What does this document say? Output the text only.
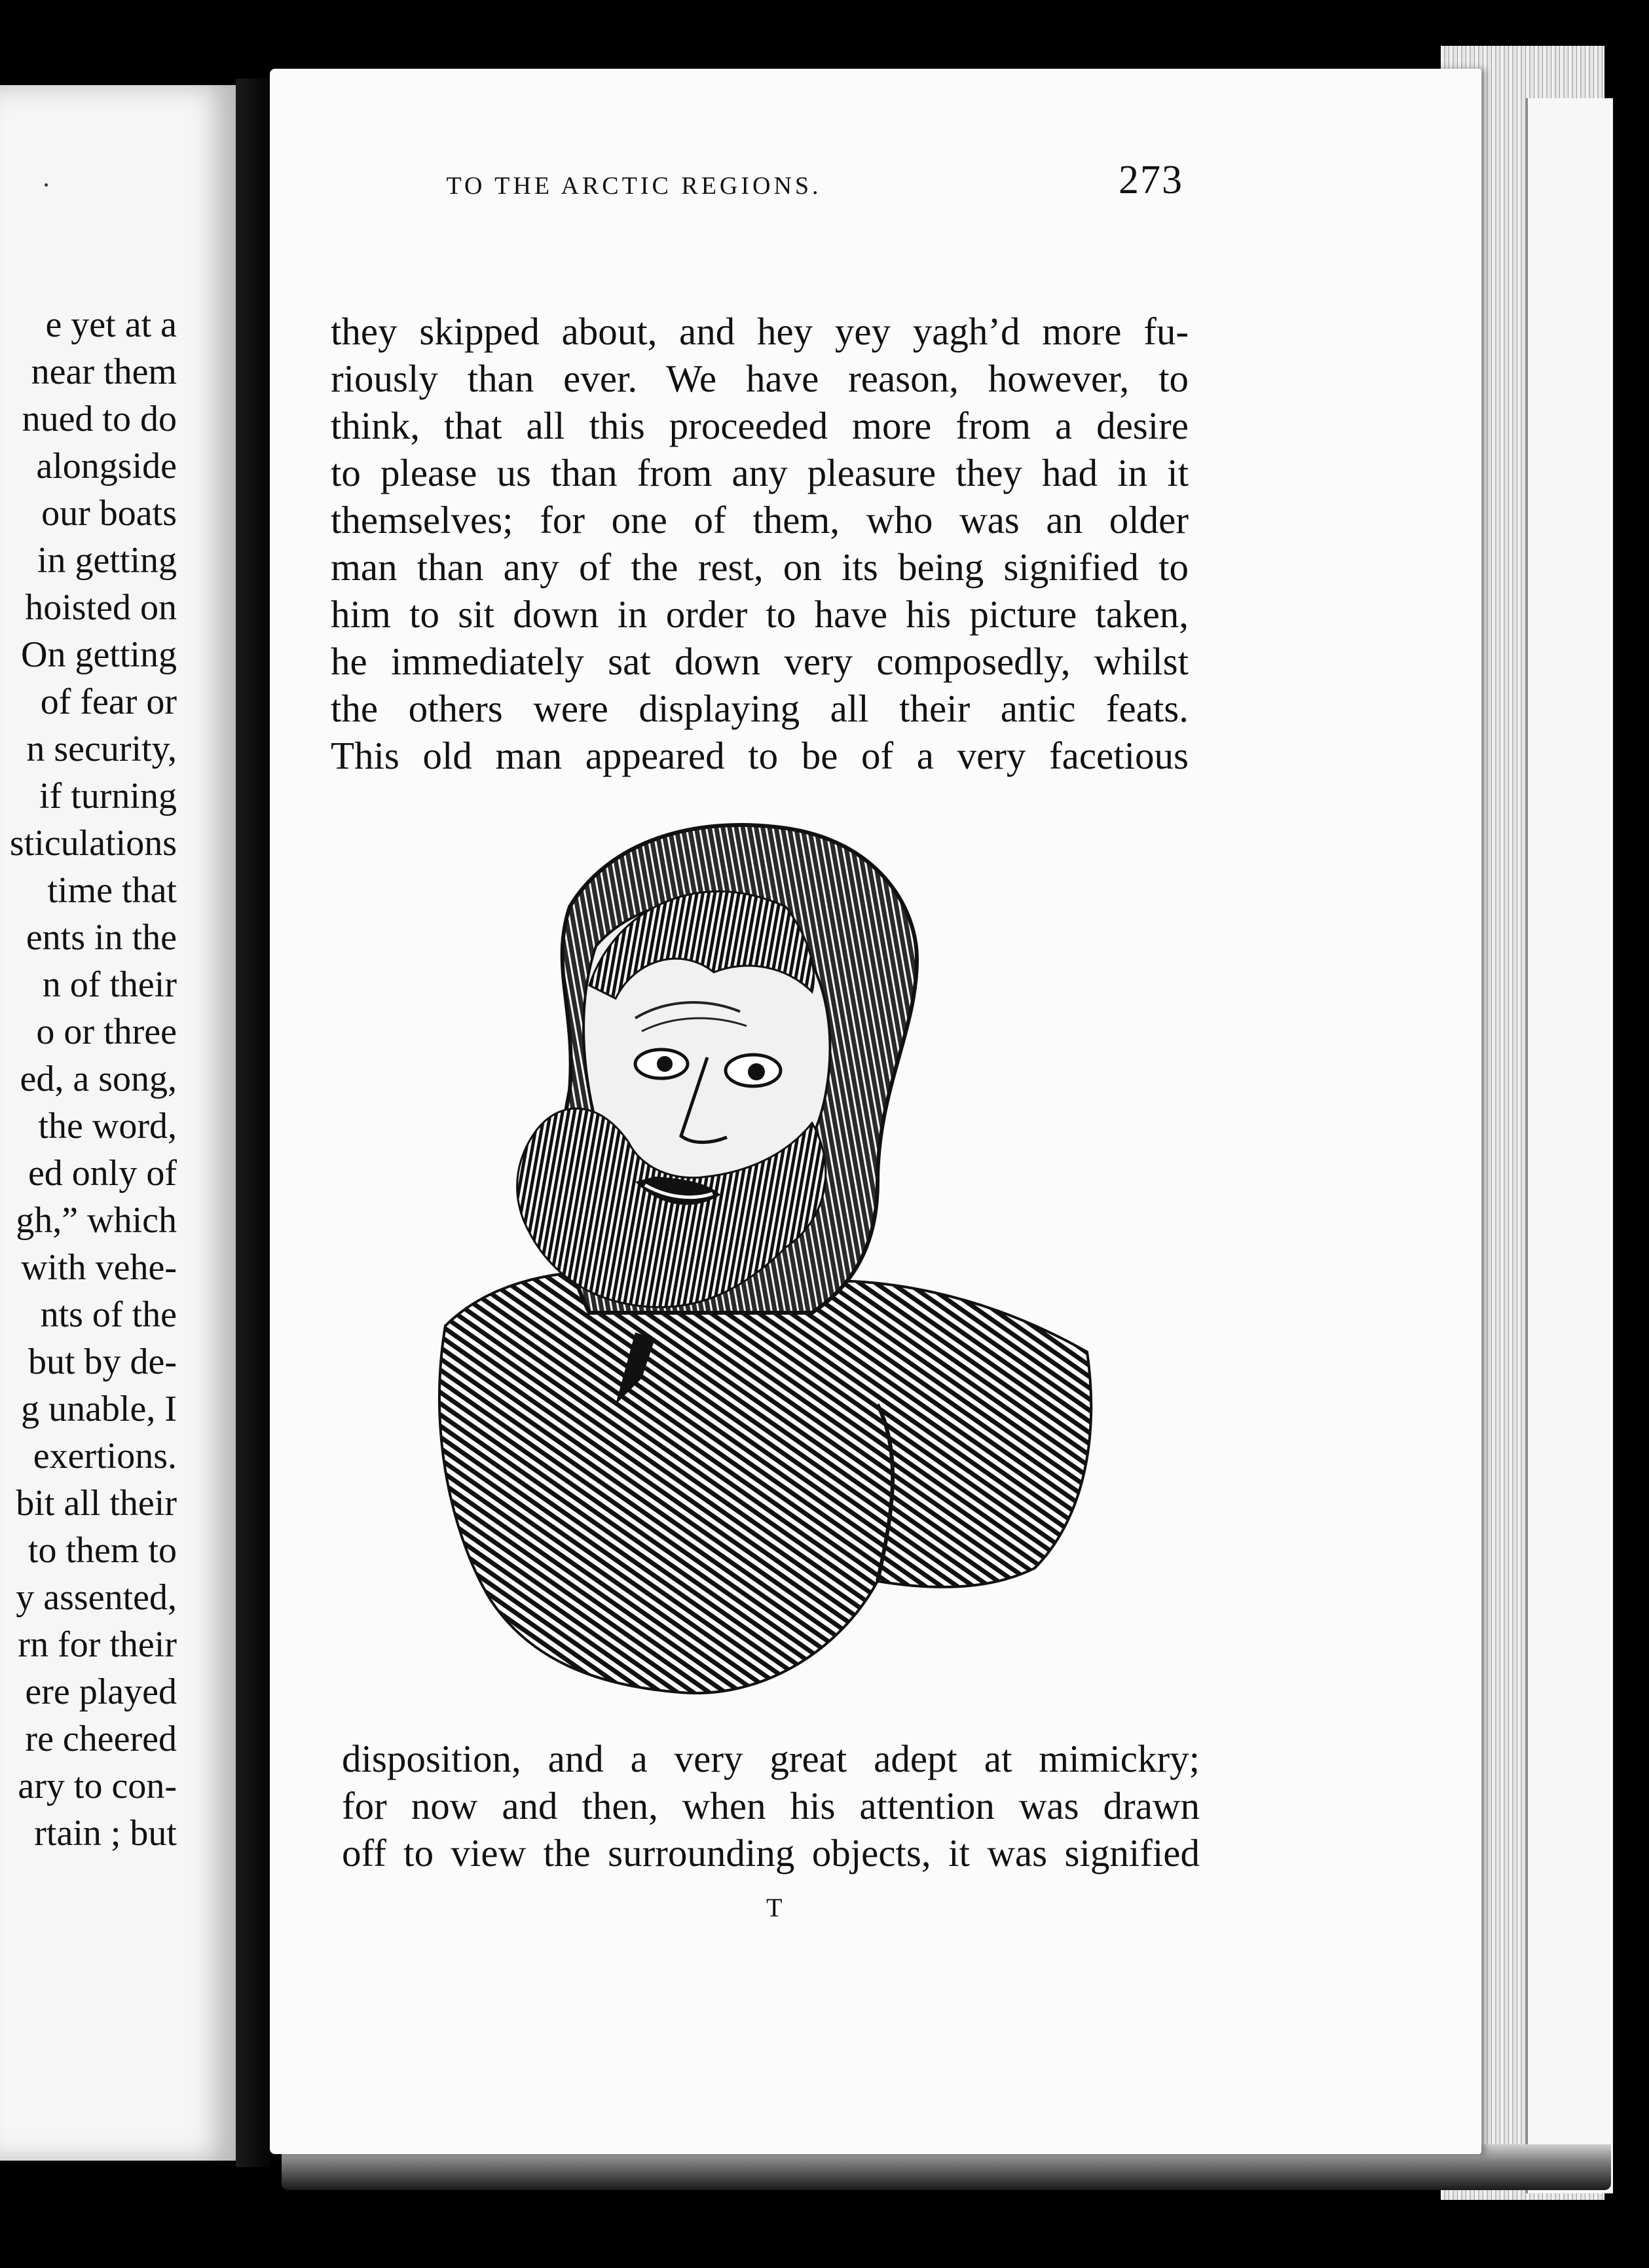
e yet at a
near them
nued to do
alongside
our boats
in getting
hoisted on
On getting
of fear or
n security,
if turning
sticulations
time that
ents in the
n of their
o or three
ed, a song,
the word,
ed only of
gh,” which
with vehe-
nts of the
but by de-
g unable, I
exertions.
bit all their
to them to
y assented,
rn for their
ere played
re cheered
ary to con-
rtain ; but
TO THE ARCTIC REGIONS.	273
they skipped about, and hey yey yagh’d more fu-
riously than ever. We have reason, however, to
think, that all this proceeded more from a desire
to please us than from any pleasure they had in it
themselves; for one of them, who was an older
man than any of the rest, on its being signified to
him to sit down in order to have his picture taken,
he immediately sat down very composedly, whilst
the others were displaying all their antic feats.
This old man appeared to be of a very facetious
disposition, and a very great adept at mimickry;
for now and then, when his attention was drawn
off to view the surrounding objects, it was signified
T
